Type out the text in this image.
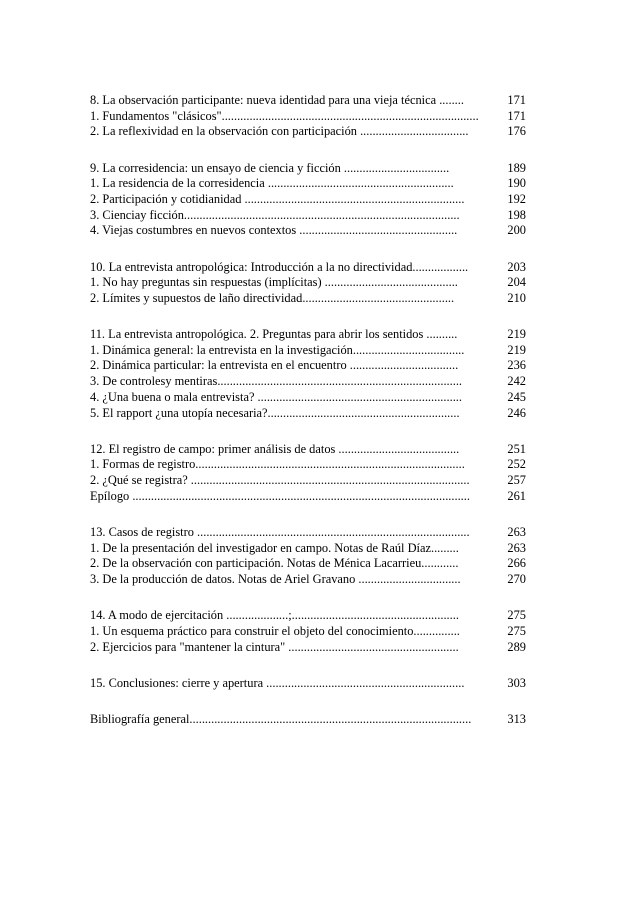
8. La observación participante: nueva identidad para una vieja técnica ........	171
1. Fundamentos "clásicos"................................................................................... 171
2. La reflexividad en la observación con participación ...................................	176
9. La corresidencia: un ensayo de ciencia y ficción ..................................	189
1. La residencia de la corresidencia ............................................................	190
2. Participación y cotidianidad .......................................................................	192
3. Cienciay ficción.........................................................................................	198
4. Viejas costumbres en nuevos contextos ...................................................	200
10. La entrevista antropológica: Introducción a la no directividad..................	203
1. No hay preguntas sin respuestas (implícitas) ...........................................	204
2. Límites y supuestos de laño directividad.................................................	210
11. La entrevista antropológica. 2. Preguntas para abrir los sentidos ..........	219
1. Dinámica general: la entrevista en la investigación....................................	219
2. Dinámica particular: la entrevista en el encuentro ...................................	236
3. De controlesy mentiras...............................................................................	242
4. ¿Una buena o mala entrevista? ..................................................................	245
5. El rapport ¿una utopía necesaria?..............................................................	246
12. El registro de campo: primer análisis de datos .......................................	251
1. Formas de registro.......................................................................................	252
2. ¿Qué se registra? ..........................................................................................	257
Epílogo .............................................................................................................	261
13. Casos de registro ........................................................................................	263
1. De la presentación del investigador en campo. Notas de Raúl Díaz.........	263
2. De la observación con participación. Notas de Ménica Lacarrieu............	266
3. De la producción de datos. Notas de Ariel Gravano .................................	270
14. A modo de ejercitación ....................;......................................................	275
1. Un esquema práctico para construir el objeto del conocimiento...............	275
2. Ejercicios para "mantener la cintura" .......................................................	289
15. Conclusiones: cierre y apertura ................................................................	303
Bibliografía general...........................................................................................	313
